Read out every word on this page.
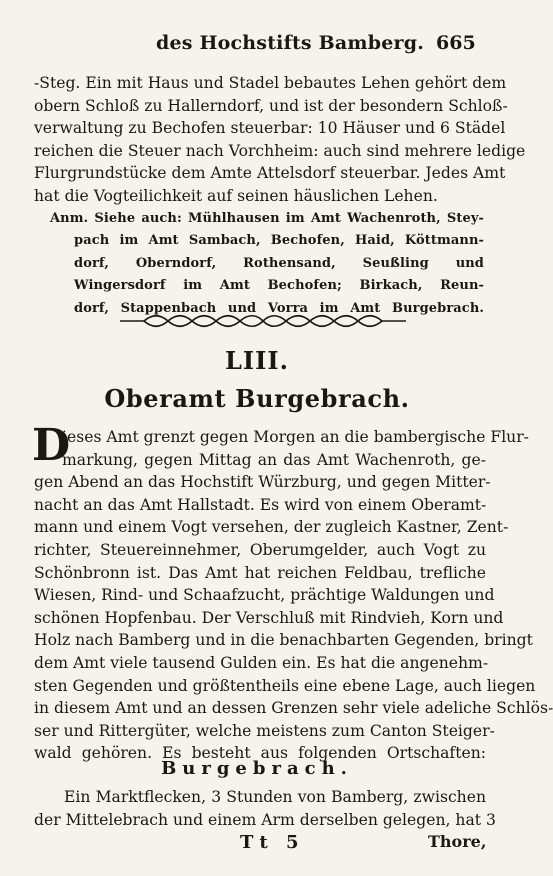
des Hochstifts Bamberg. 665
-Steg. Ein mit Haus und Stadel bebautes Lehen gehört dem
obern Schloß zu Hallerndorf, und ist der besondern Schloß-
verwaltung zu Bechofen steuerbar: 10 Häuser und 6 Städel
reichen die Steuer nach Vorchheim: auch sind mehrere ledige
Flurgrundstücke dem Amte Attelsdorf steuerbar. Jedes Amt
hat die Vogteilichkeit auf seinen häuslichen Lehen.
Anm. Siehe auch: Mühlhausen im Amt Wachenroth, Stey-
pach im Amt Sambach, Bechofen, Haid, Köttmann-
dorf, Oberndorf, Rothensand, Seußling und
Wingersdorf im Amt Bechofen; Birkach, Reun-
dorf, Stappenbach und Vorra im Amt Burgebrach.
LIII.
Oberamt Burgebrach.
D
ieses Amt grenzt gegen Morgen an die bambergische Flur-
markung, gegen Mittag an das Amt Wachenroth, ge-
gen Abend an das Hochstift Würzburg, und gegen Mitter-
nacht an das Amt Hallstadt. Es wird von einem Oberamt-
mann und einem Vogt versehen, der zugleich Kastner, Zent-
richter, Steuereinnehmer, Oberumgelder, auch Vogt zu
Schönbronn ist. Das Amt hat reichen Feldbau, trefliche
Wiesen, Rind- und Schaafzucht, prächtige Waldungen und
schönen Hopfenbau. Der Verschluß mit Rindvieh, Korn und
Holz nach Bamberg und in die benachbarten Gegenden, bringt
dem Amt viele tausend Gulden ein. Es hat die angenehm-
sten Gegenden und größtentheils eine ebene Lage, auch liegen
in diesem Amt und an dessen Grenzen sehr viele adeliche Schlös-
ser und Rittergüter, welche meistens zum Canton Steiger-
wald gehören. Es besteht aus folgenden Ortschaften:
Burgebrach.
Ein Marktflecken, 3 Stunden von Bamberg, zwischen
der Mittelebrach und einem Arm derselben gelegen, hat 3
Tt 5	Thore,
